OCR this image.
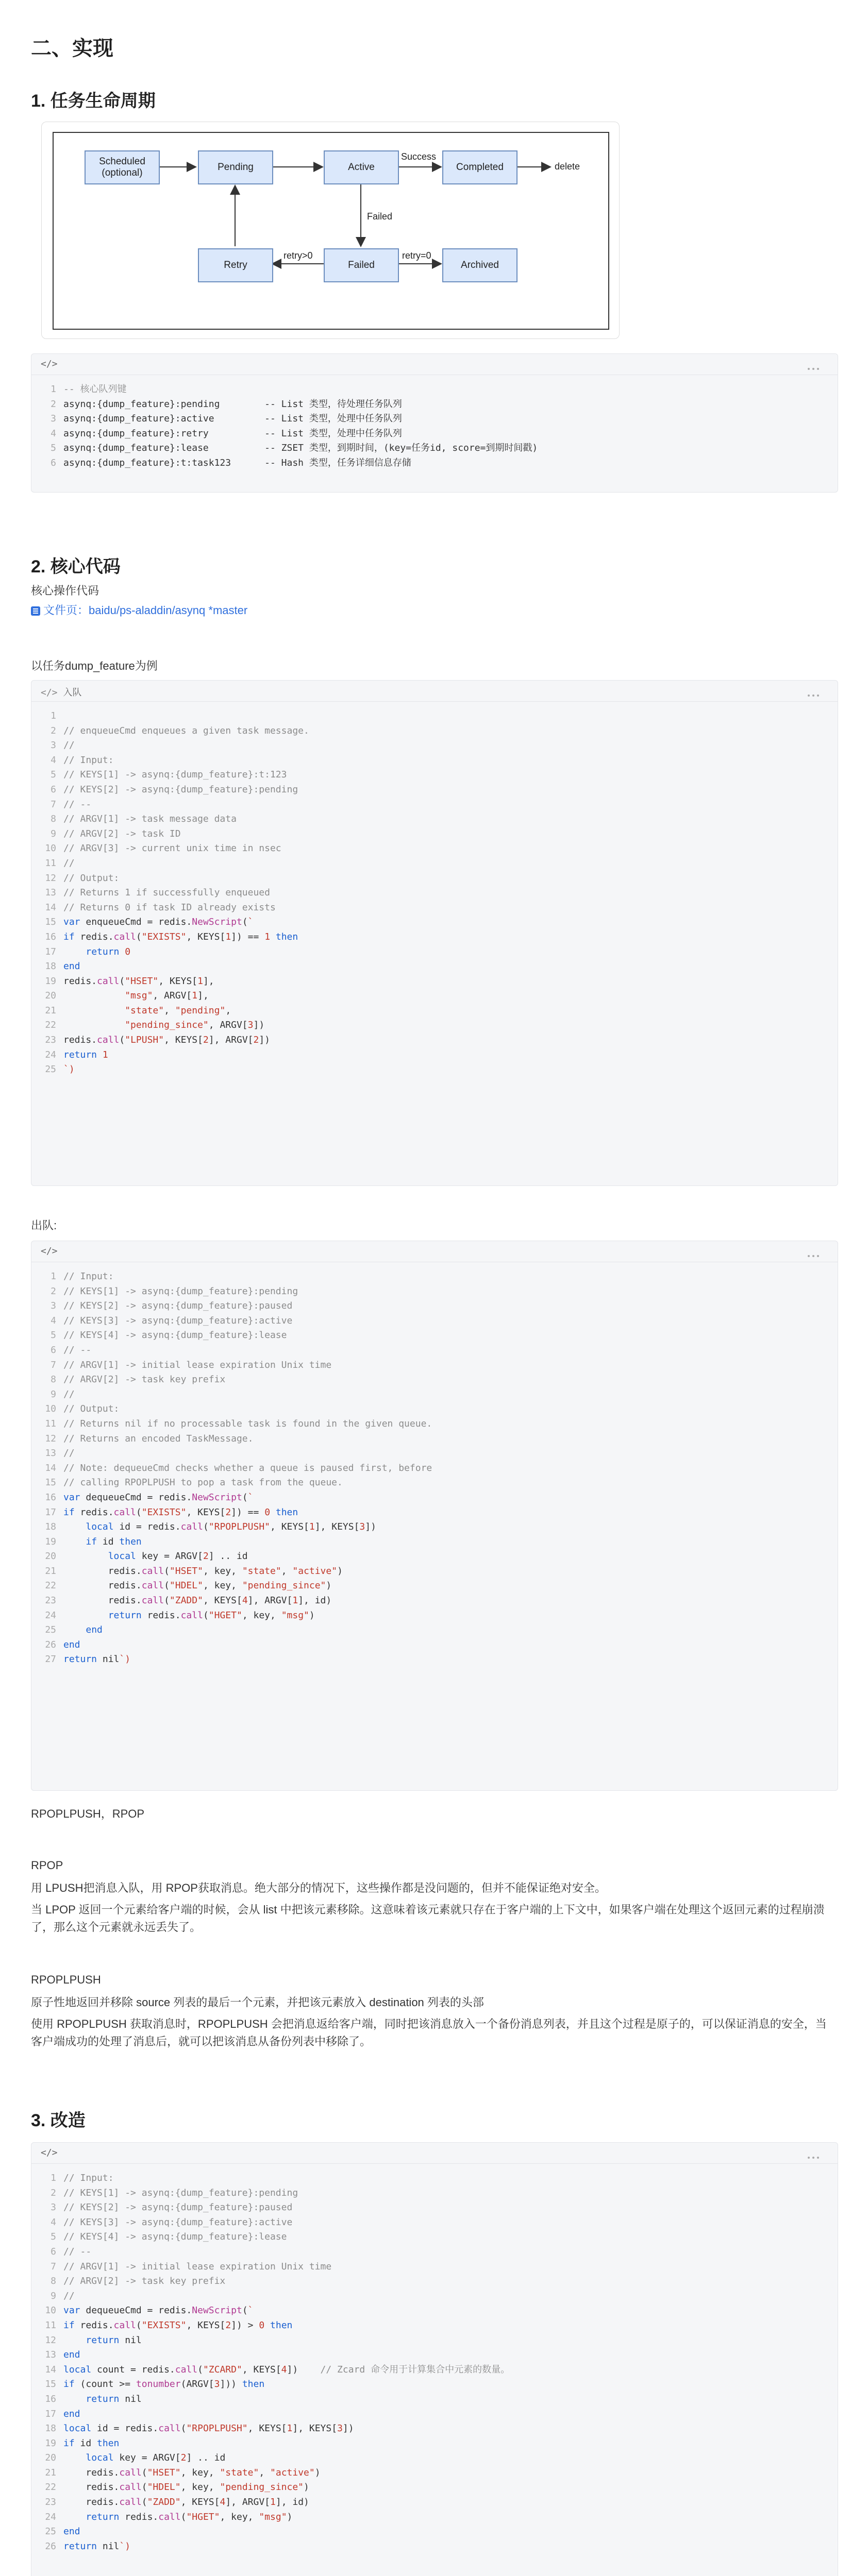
二、实现
1. 任务生命周期
Scheduled
(optional)
Pending	Active	Completed
Retry	Failed	Archived
Success
delete
Failed
retry>0	retry=0
</>
1 -- 核心队列键
2 asynq:{dump_feature}:pending        -- List 类型，待处理任务队列
3 asynq:{dump_feature}:active         -- List 类型，处理中任务队列
4 asynq:{dump_feature}:retry          -- List 类型，处理中任务队列
5 asynq:{dump_feature}:lease          -- ZSET 类型，到期时间，(key=任务id, score=到期时间戳)
6 asynq:{dump_feature}:t:task123      -- Hash 类型，任务详细信息存储

2. 核心代码

核心操作代码

文件页：baidu/ps-aladdin/asynq *master

以任务dump_feature为例

</> 入队
1
2 // enqueueCmd enqueues a given task message.
3 //
4 // Input:
5 // KEYS[1] -> asynq:{dump_feature}:t:123
6 // KEYS[2] -> asynq:{dump_feature}:pending
7 // --
8 // ARGV[1] -> task message data
9 // ARGV[2] -> task ID
10 // ARGV[3] -> current unix time in nsec
11 //
12 // Output:
13 // Returns 1 if successfully enqueued
14 // Returns 0 if task ID already exists
15 var enqueueCmd = redis.NewScript(`
16 if redis.call("EXISTS", KEYS[1]) == 1 then
17	return 0
18 end
19 redis.call("HSET", KEYS[1],
20	"msg", ARGV[1],
21	"state", "pending",
22	"pending_since", ARGV[3])
23 redis.call("LPUSH", KEYS[2], ARGV[2])
24 return 1
25 `)

出队:

</>
1 // Input:
2 // KEYS[1] -> asynq:{dump_feature}:pending
3 // KEYS[2] -> asynq:{dump_feature}:paused
4 // KEYS[3] -> asynq:{dump_feature}:active
5 // KEYS[4] -> asynq:{dump_feature}:lease
6 // --
7 // ARGV[1] -> initial lease expiration Unix time
8 // ARGV[2] -> task key prefix
9 //
10 // Output:
11 // Returns nil if no processable task is found in the given queue.
12 // Returns an encoded TaskMessage.
13 //
14 // Note: dequeueCmd checks whether a queue is paused first, before
15 // calling RPOPLPUSH to pop a task from the queue.
16 var dequeueCmd = redis.NewScript(`
17 if redis.call("EXISTS", KEYS[2]) == 0 then
18	local id = redis.call("RPOPLPUSH", KEYS[1], KEYS[3])
19	if id then
20	local key = ARGV[2] .. id
21        redis.call("HSET", key, "state", "active")
22        redis.call("HDEL", key, "pending_since")
23        redis.call("ZADD", KEYS[4], ARGV[1], id)
24	return redis.call("HGET", key, "msg")
25	end
26 end
27 return nil`)

RPOPLPUSH，RPOP

RPOP

用 LPUSH把消息入队，用 RPOP获取消息。绝大部分的情况下，这些操作都是没问题的，但并不能保证绝对安全。

当 LPOP 返回一个元素给客户端的时候，会从 list 中把该元素移除。这意味着该元素就只存在于客户端的上下文中，如果客户端在处理这个返回元素的过程崩溃了，那么这个元素就永远丢失了。

RPOPLPUSH

原子性地返回并移除 source 列表的最后一个元素，并把该元素放入 destination 列表的头部

使用 RPOPLPUSH 获取消息时，RPOPLPUSH 会把消息返给客户端，同时把该消息放入一个备份消息列表，并且这个过程是原子的，可以保证消息的安全，当客户端成功的处理了消息后，就可以把该消息从备份列表中移除了。

3. 改造
</>
1 // Input:
2 // KEYS[1] -> asynq:{dump_feature}:pending
3 // KEYS[2] -> asynq:{dump_feature}:paused
4 // KEYS[3] -> asynq:{dump_feature}:active
5 // KEYS[4] -> asynq:{dump_feature}:lease
6 // --
7 // ARGV[1] -> initial lease expiration Unix time
8 // ARGV[2] -> task key prefix
9 //
10 var dequeueCmd = redis.NewScript(`
11 if redis.call("EXISTS", KEYS[2]) > 0 then
12	return nil
13 end
14 local count = redis.call("ZCARD", KEYS[4])    // Zcard 命令用于计算集合中元素的数量。
15 if (count >= tonumber(ARGV[3])) then
16	return nil
17 end
18 local id = redis.call("RPOPLPUSH", KEYS[1], KEYS[3])
19 if id then
20	local key = ARGV[2] .. id
21    redis.call("HSET", key, "state", "active")
22    redis.call("HDEL", key, "pending_since")
23    redis.call("ZADD", KEYS[4], ARGV[1], id)
24	return redis.call("HGET", key, "msg")
25 end
26 return nil`)
